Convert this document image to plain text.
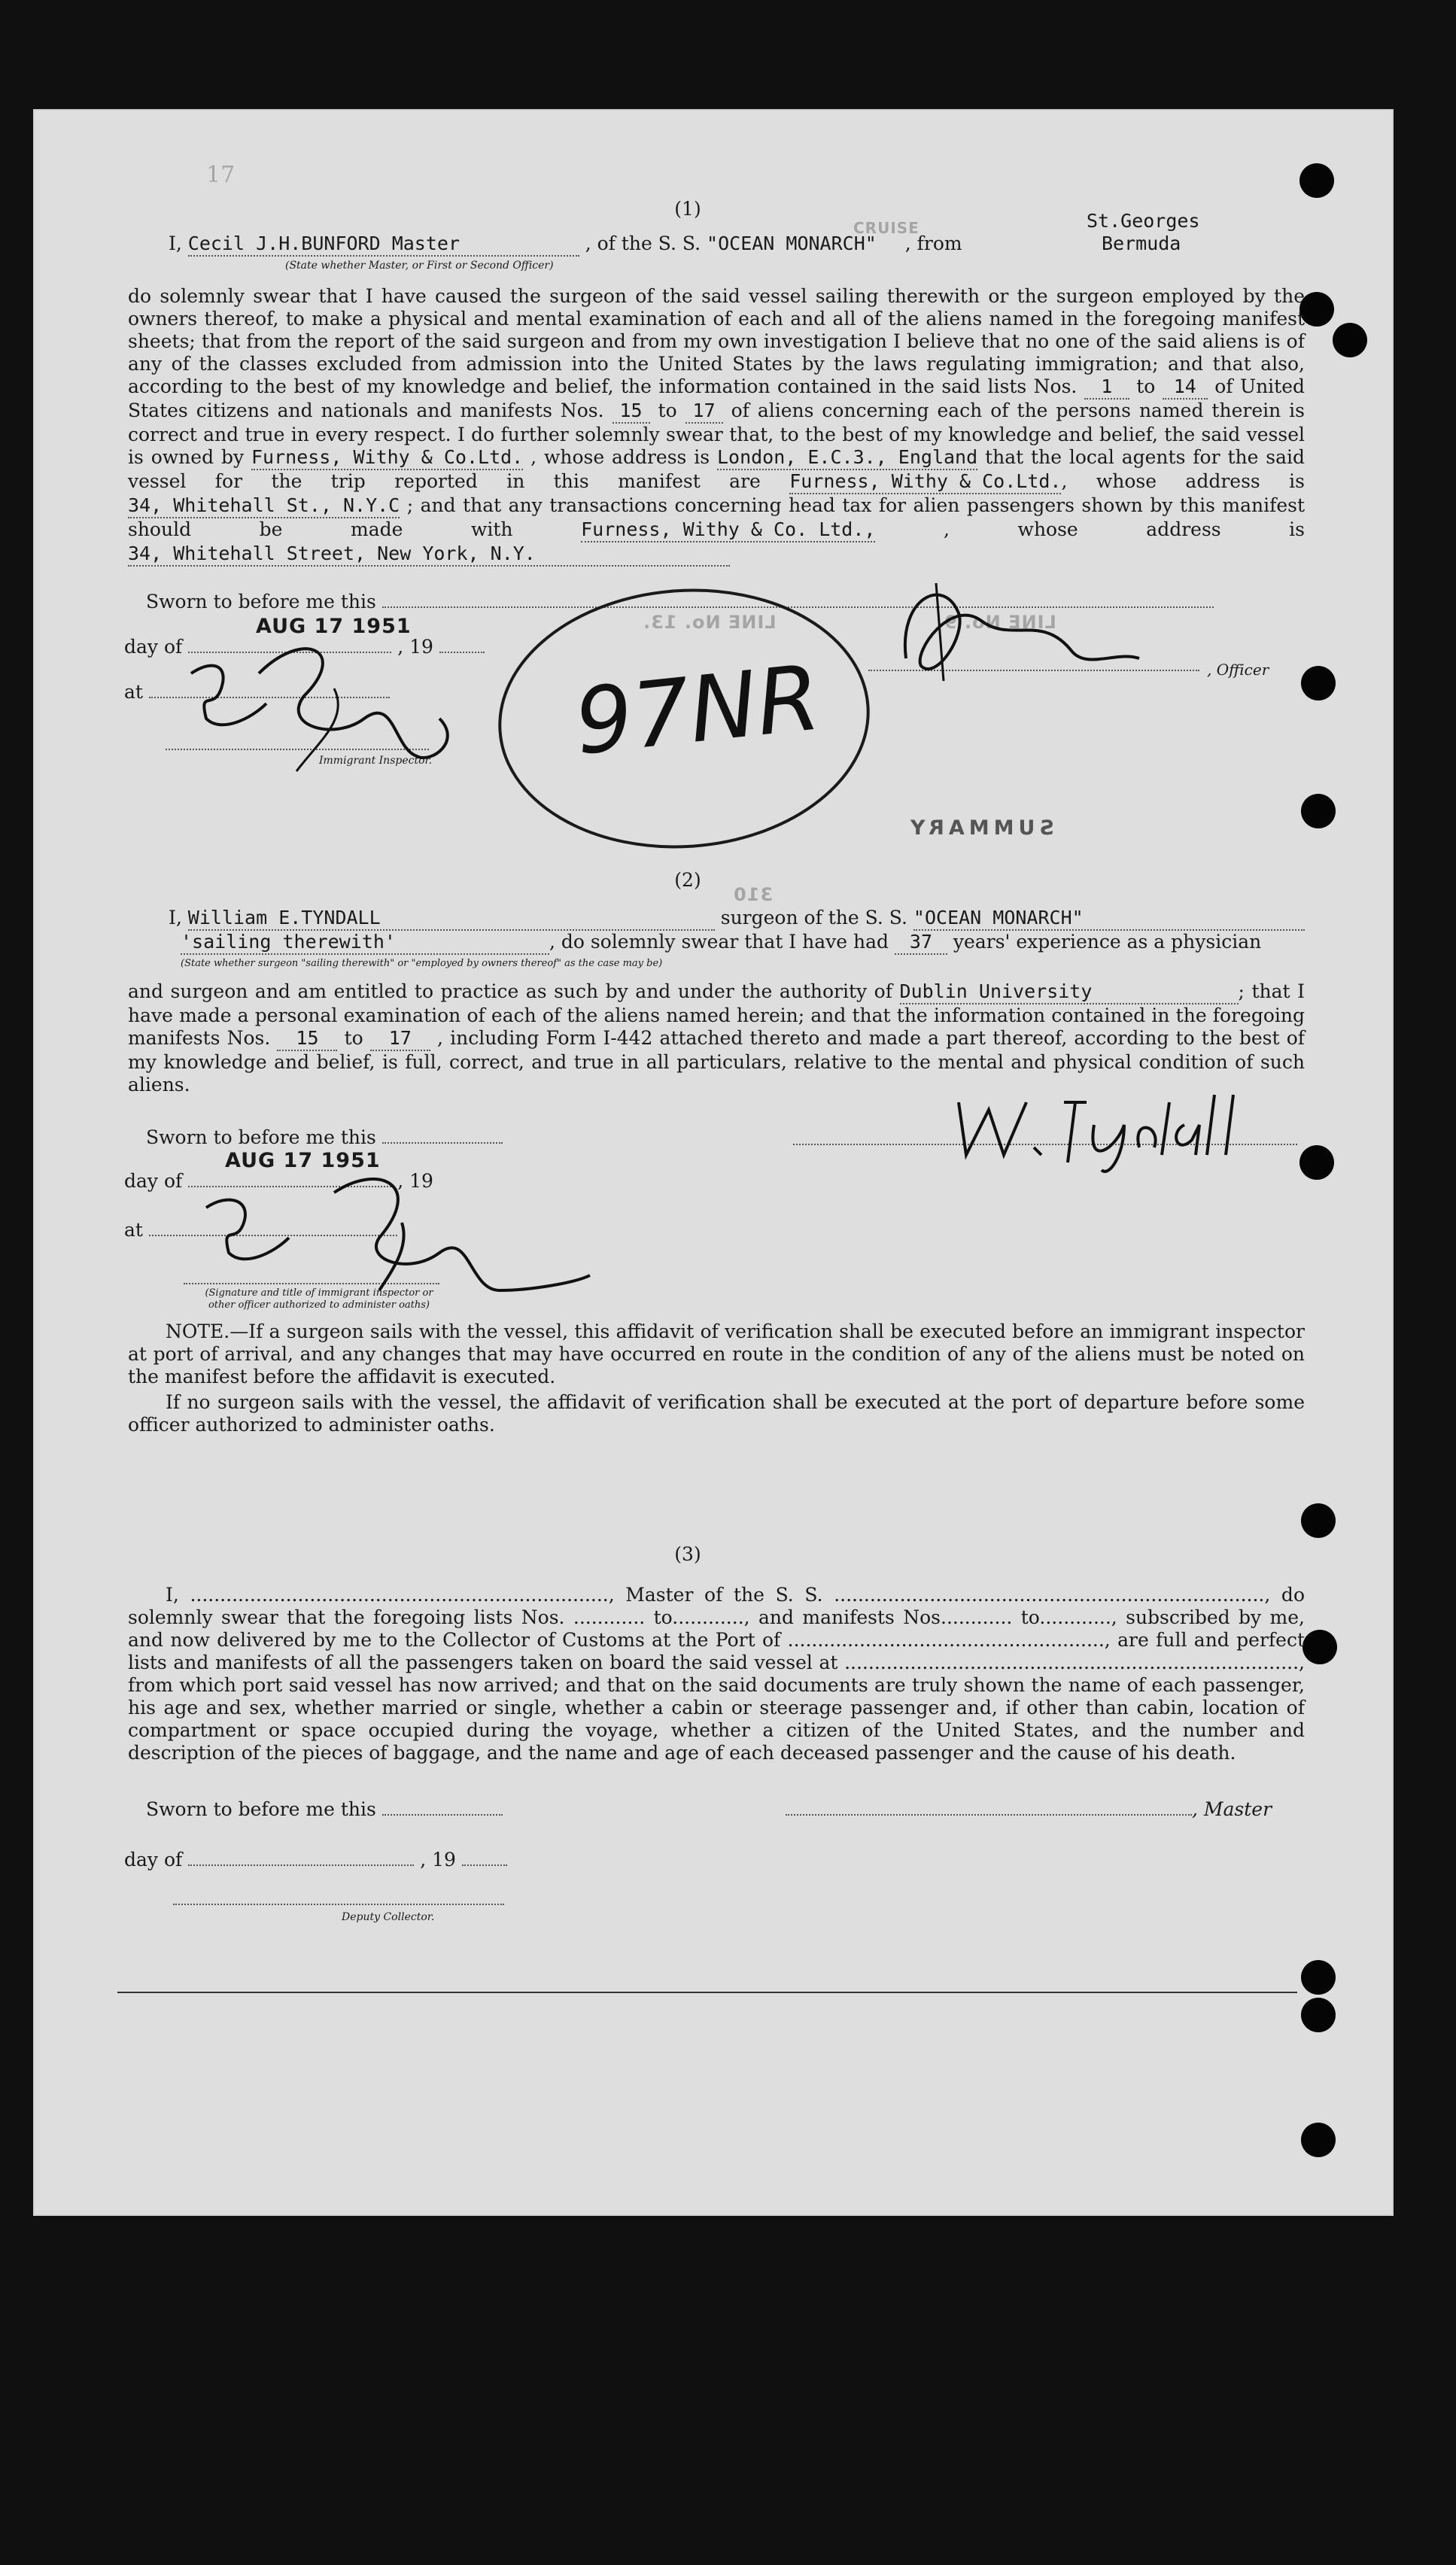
17
(1)
I, Cecil J.H.BUNFORD Master	, of the S. S. "OCEAN MONARCH" , from
CRUISE	St.Georges
Bermuda
(State whether Master, or First or Second Officer)
do solemnly swear that I have caused the surgeon of the said vessel sailing therewith or the surgeon employed by the owners thereof, to make a physical and mental examination of each and all of the aliens named in the foregoing manifest sheets; that from the report of the said surgeon and from my own investigation I believe that no one of the said aliens is of any of the classes excluded from admission into the United States by the laws regulating immigration; and that also, according to the best of my knowledge and belief, the information contained in the said lists Nos. 1 to 14 of United States citizens and nationals and manifests Nos. 15 to 17 of aliens concerning each of the persons named therein is correct and true in every respect. I do further solemnly swear that, to the best of my knowledge and belief, the said vessel is owned by Furness, Withy & Co.Ltd. , whose address is London, E.C.3., England that the local agents for the said vessel for the trip reported in this manifest are Furness, Withy & Co.Ltd., whose address is 34, Whitehall St., N.Y.C ; and that any transactions concerning head tax for alien passengers shown by this manifest should be made with	Furness, Withy & Co. Ltd., , whose address is 34, Whitehall Street, New York, N.Y.
Sworn to before me this
day of	, 19
AUG 17 1951
at
Immigrant Inspector.
LINE No. 13.	LINE No. 9
97NR	, Officer
SUMMARY
(2)
310
I, William E.TYNDALL	surgeon of the S. S. "OCEAN MONARCH"
'sailing therewith'	, do solemnly swear that I have had 37 years' experience as a physician
(State whether surgeon "sailing therewith" or "employed by owners thereof" as the case may be)
and surgeon and am entitled to practice as such by and under the authority of Dublin University	; that I have made a personal examination of each of the aliens named herein; and that the information contained in the foregoing manifests Nos. 15 to 17 , including Form I-442 attached thereto and made a part thereof, according to the best of my knowledge and belief, is full, correct, and true in all particulars, relative to the mental and physical condition of such aliens.
Sworn to before me this
day of	, 19
AUG 17 1951
at
(Signature and title of immigrant inspector or other officer authorized to administer oaths)
NOTE.—If a surgeon sails with the vessel, this affidavit of verification shall be executed before an immigrant inspector at port of arrival, and any changes that may have occurred en route in the condition of any of the aliens must be noted on the manifest before the affidavit is executed.
If no surgeon sails with the vessel, the affidavit of verification shall be executed at the port of departure before some officer authorized to administer oaths.
(3)
I, ......................................................................, Master of the S. S. ........................................................................, do solemnly swear that the foregoing lists Nos. ............ to............, and manifests Nos............ to............, subscribed by me, and now delivered by me to the Collector of Customs at the Port of ....................................................., are full and perfect lists and manifests of all the passengers taken on board the said vessel at ............................................................................, from which port said vessel has now arrived; and that on the said documents are truly shown the name of each passenger, his age and sex, whether married or single, whether a cabin or steerage passenger and, if other than cabin, location of compartment or space occupied during the voyage, whether a citizen of the United States, and the number and description of the pieces of baggage, and the name and age of each deceased passenger and the cause of his death.
Sworn to before me this	, Master
day of	, 19
Deputy Collector.
